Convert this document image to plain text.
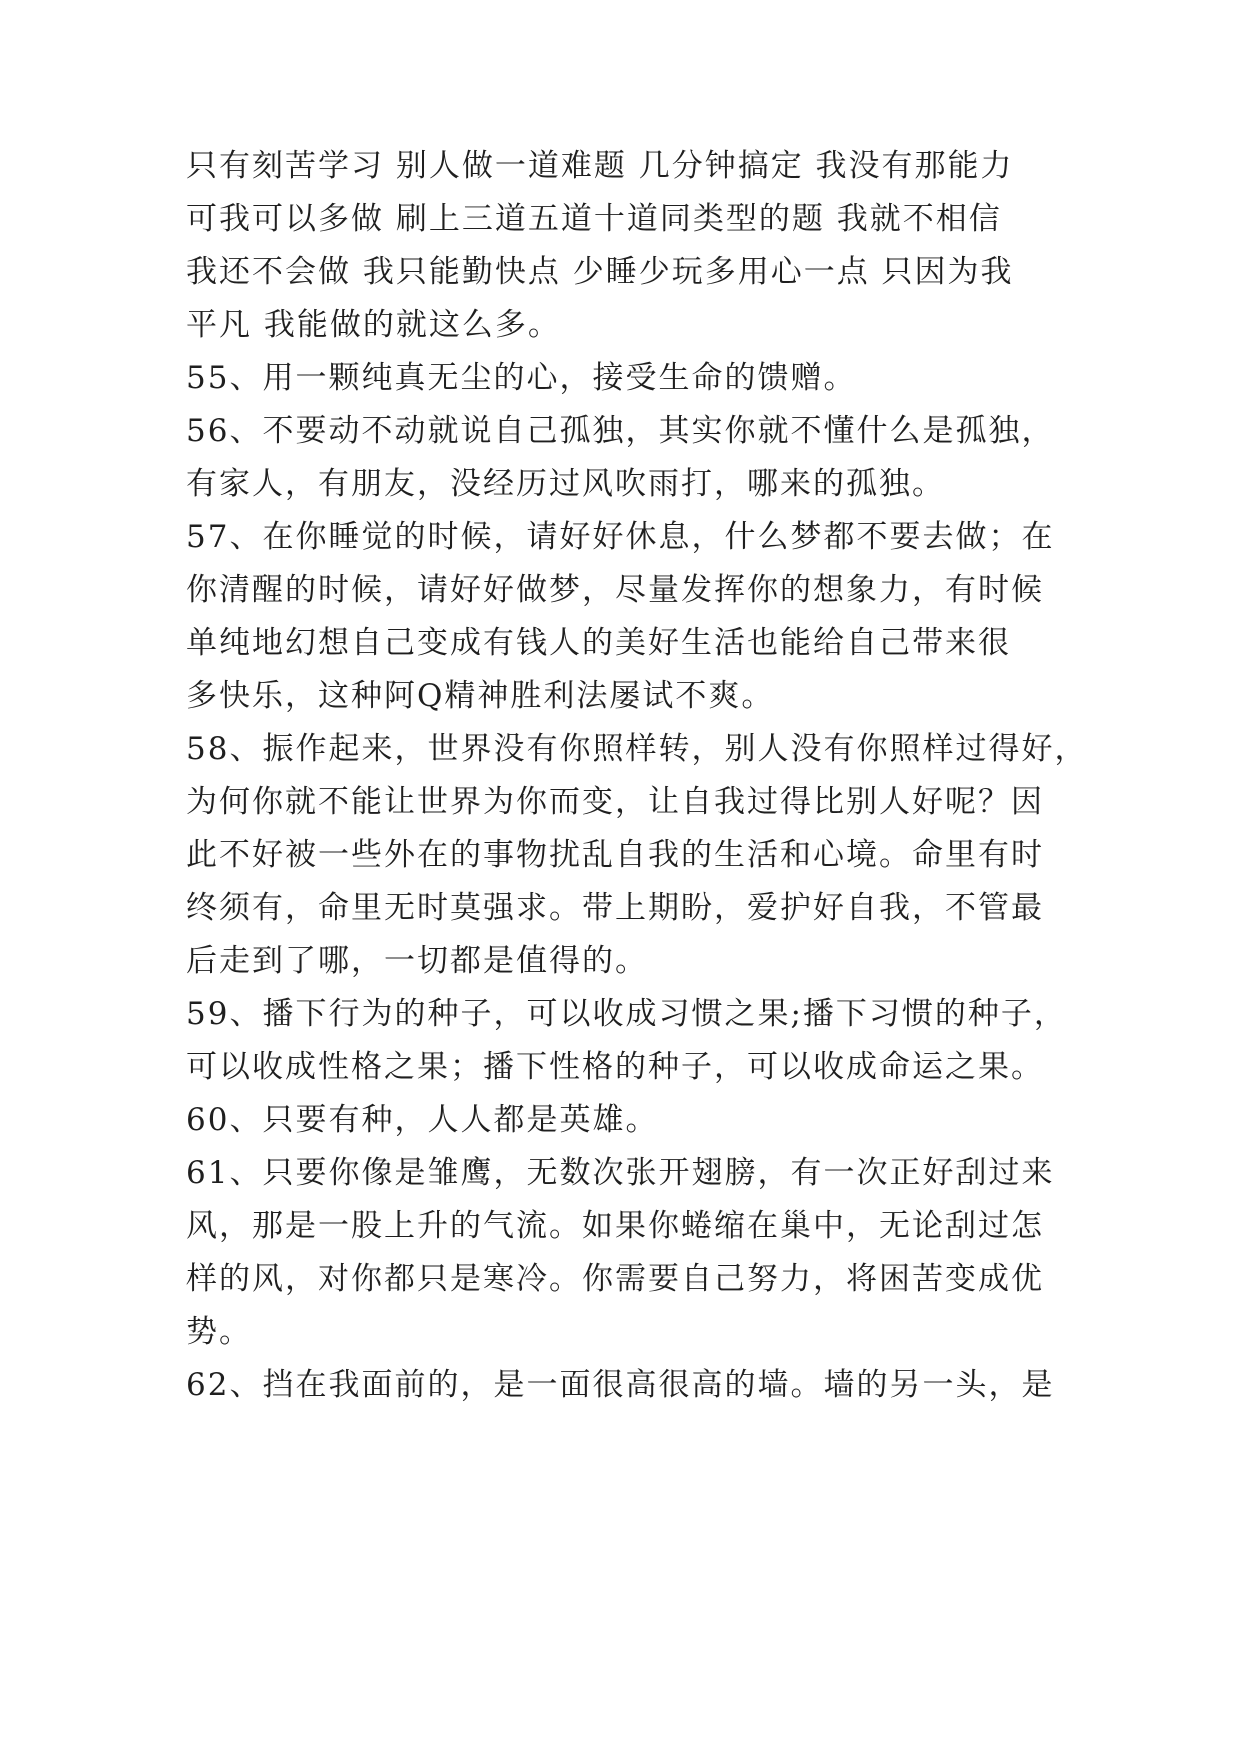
只有刻苦学习 别人做一道难题 几分钟搞定 我没有那能力
可我可以多做 刷上三道五道十道同类型的题 我就不相信
我还不会做 我只能勤快点 少睡少玩多用心一点 只因为我
平凡 我能做的就这么多。
55、用一颗纯真无尘的心，接受生命的馈赠。
56、不要动不动就说自己孤独，其实你就不懂什么是孤独，
有家人，有朋友，没经历过风吹雨打，哪来的孤独。
57、在你睡觉的时候，请好好休息，什么梦都不要去做；在
你清醒的时候，请好好做梦，尽量发挥你的想象力，有时候
单纯地幻想自己变成有钱人的美好生活也能给自己带来很
多快乐，这种阿Q精神胜利法屡试不爽。
58、振作起来，世界没有你照样转，别人没有你照样过得好，
为何你就不能让世界为你而变，让自我过得比别人好呢？因
此不好被一些外在的事物扰乱自我的生活和心境。命里有时
终须有，命里无时莫强求。带上期盼，爱护好自我，不管最
后走到了哪，一切都是值得的。
59、播下行为的种子，可以收成习惯之果;播下习惯的种子，
可以收成性格之果；播下性格的种子，可以收成命运之果。
60、只要有种，人人都是英雄。
61、只要你像是雏鹰，无数次张开翅膀，有一次正好刮过来
风，那是一股上升的气流。如果你蜷缩在巢中，无论刮过怎
样的风，对你都只是寒冷。你需要自己努力，将困苦变成优
势。
62、挡在我面前的，是一面很高很高的墙。墙的另一头，是
